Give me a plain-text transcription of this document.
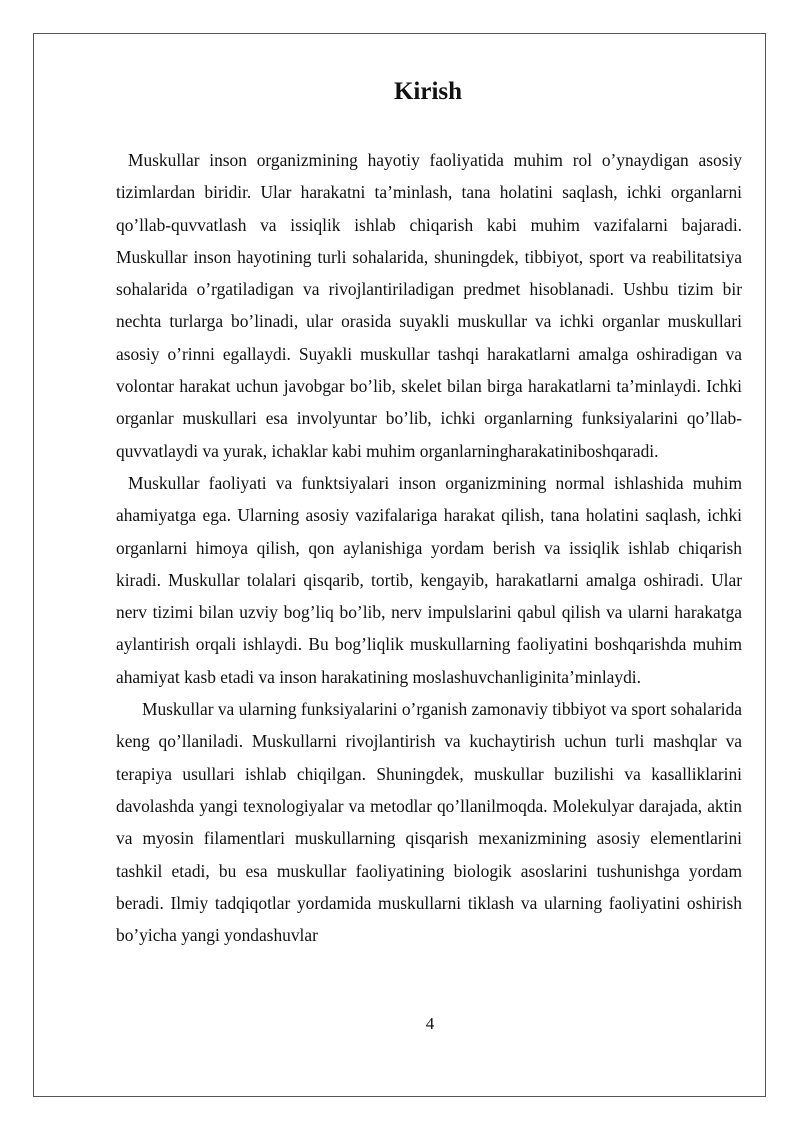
Kirish

Muskullar inson organizmining hayotiy faoliyatida muhim rol o’ynaydigan asosiy tizimlardan biridir. Ular harakatni ta’minlash, tana holatini saqlash, ichki organlarni qo’llab-quvvatlash va issiqlik ishlab chiqarish kabi muhim vazifalarni bajaradi. Muskullar inson hayotining turli sohalarida, shuningdek, tibbiyot, sport va reabilitatsiya sohalarida o’rgatiladigan va rivojlantiriladigan predmet hisoblanadi. Ushbu tizim bir nechta turlarga bo’linadi, ular orasida suyakli muskullar va ichki organlar muskullari asosiy o’rinni egallaydi. Suyakli muskullar tashqi harakatlarni amalga oshiradigan va volontar harakat uchun javobgar bo’lib, skelet bilan birga harakatlarni ta’minlaydi. Ichki organlar muskullari esa involyuntar bo’lib, ichki organlarning funksiyalarini qo’llab-quvvatlaydi va yurak, ichaklar kabi muhim organlarningharakatiniboshqaradi.

Muskullar faoliyati va funktsiyalari inson organizmining normal ishlashida muhim ahamiyatga ega. Ularning asosiy vazifalariga harakat qilish, tana holatini saqlash, ichki organlarni himoya qilish, qon aylanishiga yordam berish va issiqlik ishlab chiqarish kiradi. Muskullar tolalari qisqarib, tortib, kengayib, harakatlarni amalga oshiradi. Ular nerv tizimi bilan uzviy bog’liq bo’lib, nerv impulslarini qabul qilish va ularni harakatga aylantirish orqali ishlaydi. Bu bog’liqlik muskullarning faoliyatini boshqarishda muhim ahamiyat kasb etadi va inson harakatining moslashuvchanliginita’minlaydi.

Muskullar va ularning funksiyalarini o’rganish zamonaviy tibbiyot va sport sohalarida keng qo’llaniladi. Muskullarni rivojlantirish va kuchaytirish uchun turli mashqlar va terapiya usullari ishlab chiqilgan. Shuningdek, muskullar buzilishi va kasalliklarini davolashda yangi texnologiyalar va metodlar qo’llanilmoqda. Molekulyar darajada, aktin va myosin filamentlari muskullarning qisqarish mexanizmining asosiy elementlarini tashkil etadi, bu esa muskullar faoliyatining biologik asoslarini tushunishga yordam beradi. Ilmiy tadqiqotlar yordamida muskullarni tiklash va ularning faoliyatini oshirish bo’yicha yangi yondashuvlar

4
